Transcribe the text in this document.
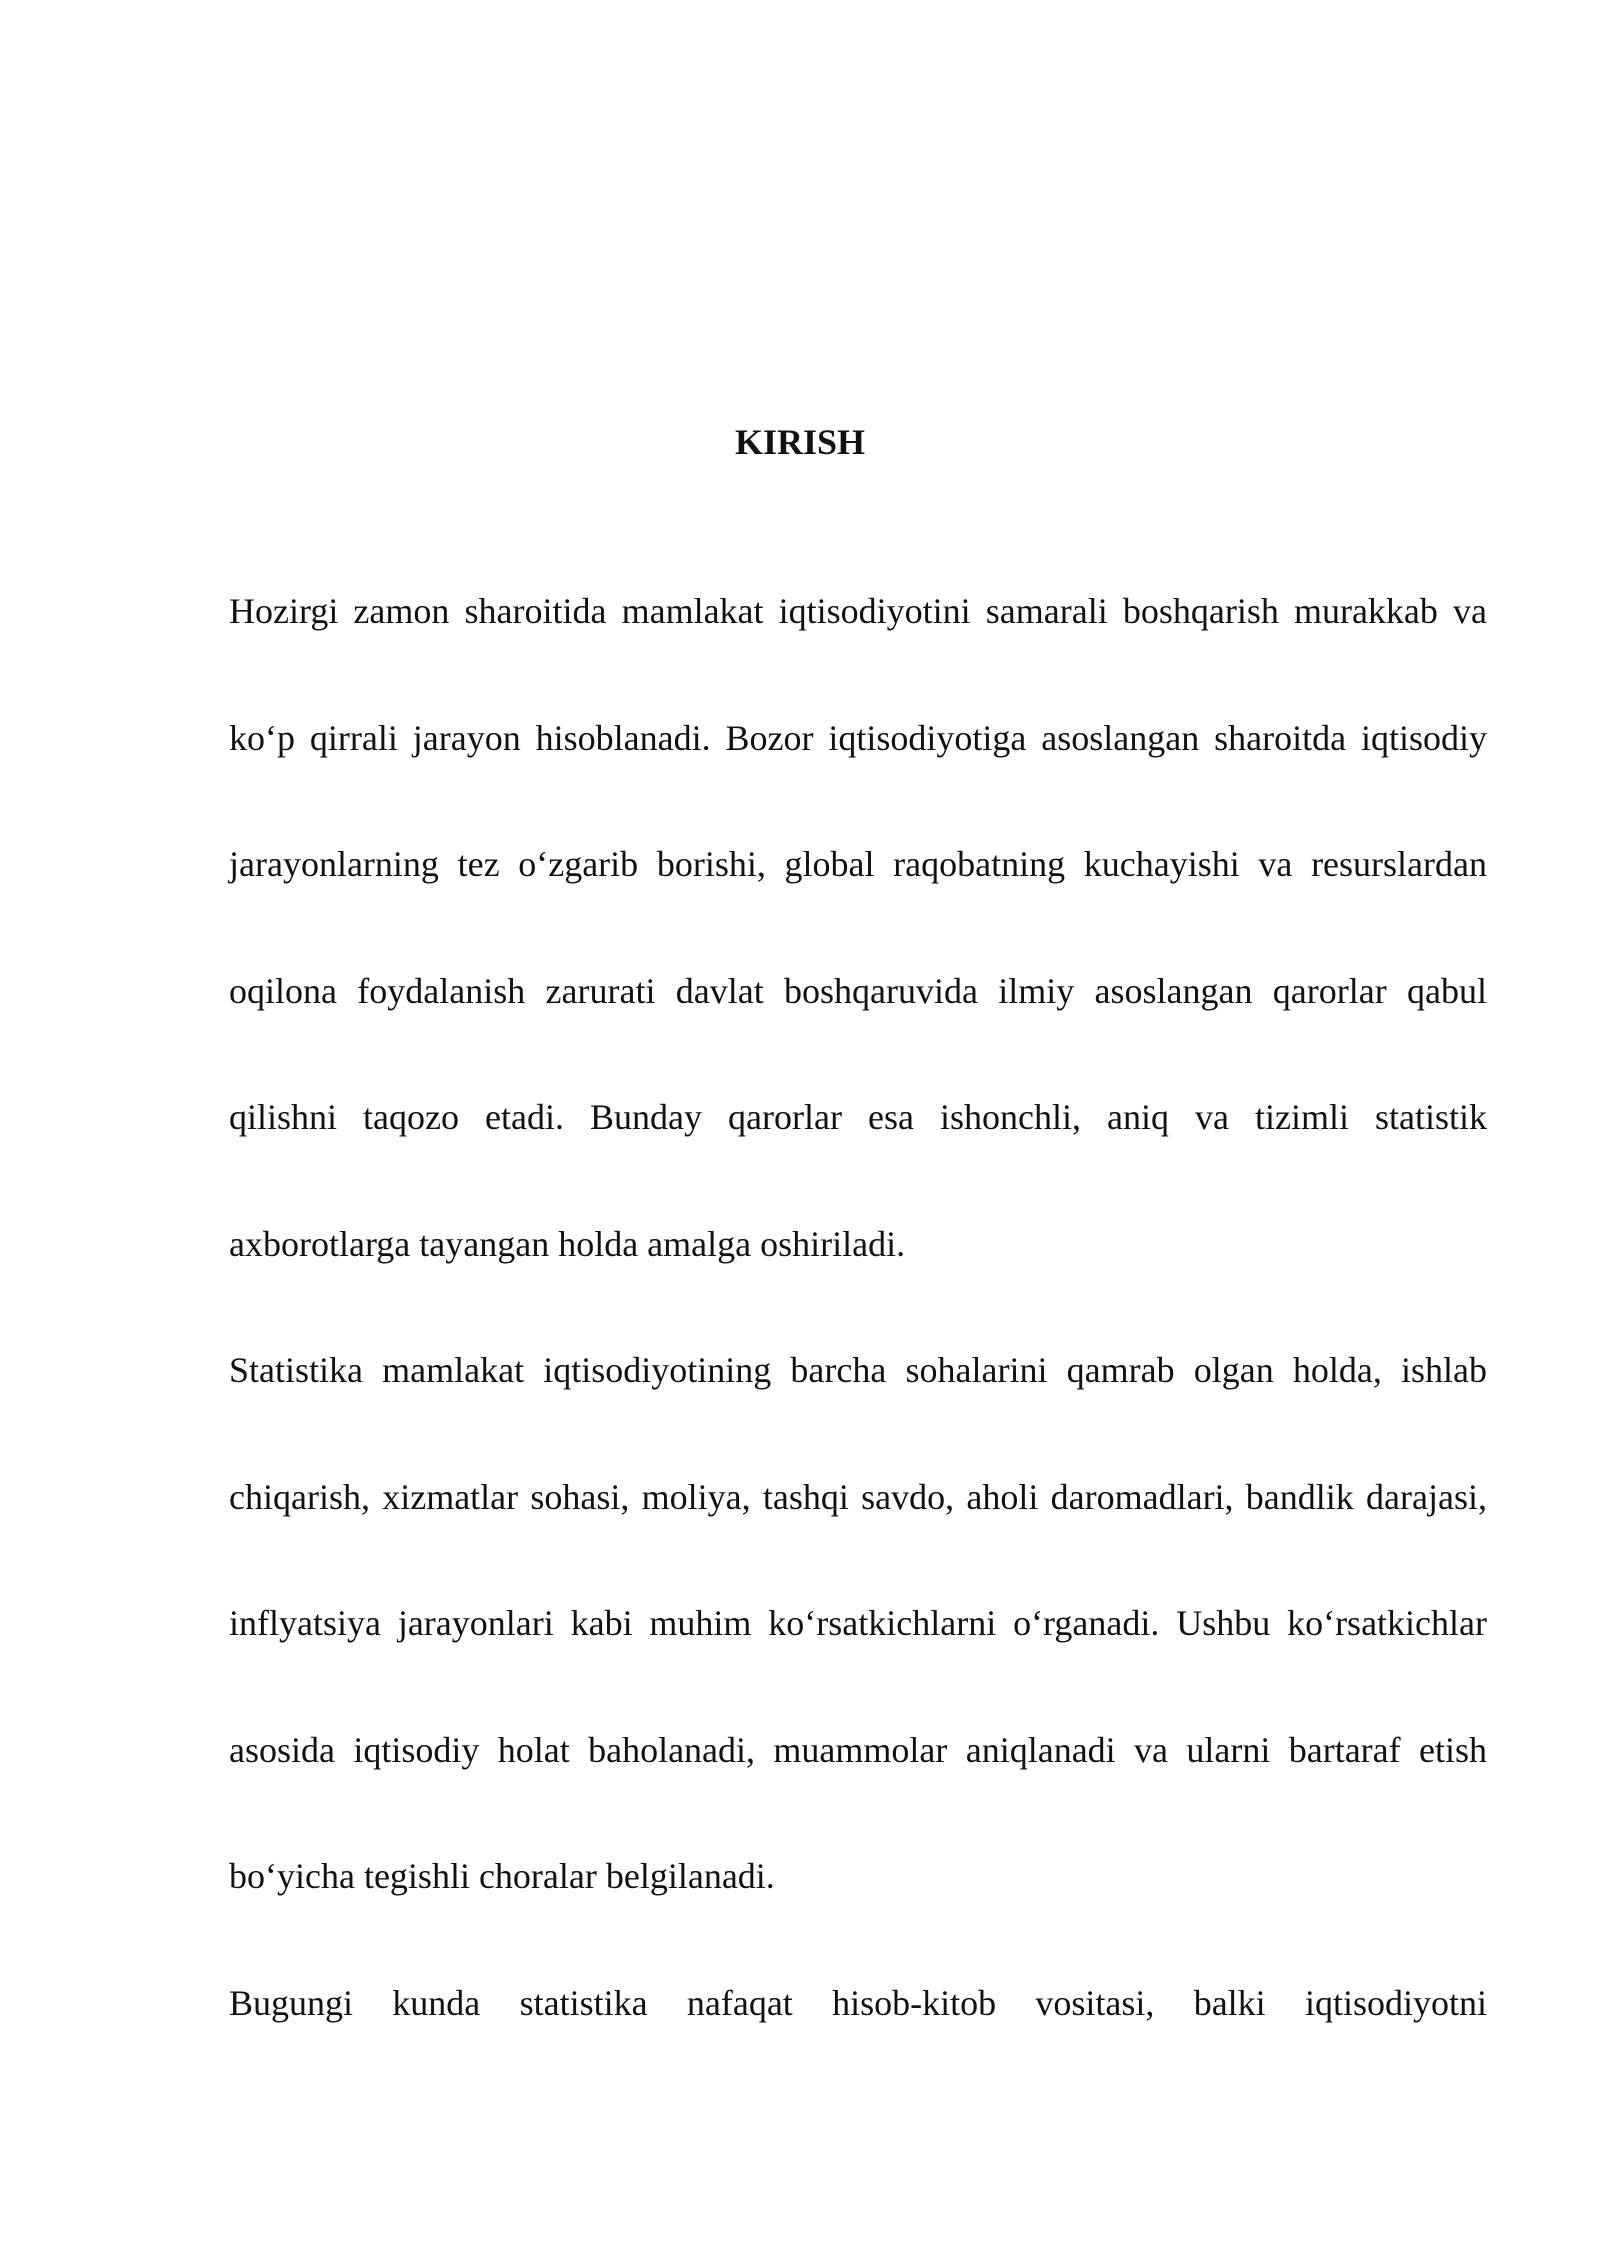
KIRISH

Hozirgi zamon sharoitida mamlakat iqtisodiyotini samarali boshqarish murakkab va ko‘p qirrali jarayon hisoblanadi. Bozor iqtisodiyotiga asoslangan sharoitda iqtisodiy jarayonlarning tez o‘zgarib borishi, global raqobatning kuchayishi va resurslardan oqilona foydalanish zarurati davlat boshqaruvida ilmiy asoslangan qarorlar qabul qilishni taqozo etadi. Bunday qarorlar esa ishonchli, aniq va tizimli statistik axborotlarga tayangan holda amalga oshiriladi.

Statistika mamlakat iqtisodiyotining barcha sohalarini qamrab olgan holda, ishlab chiqarish, xizmatlar sohasi, moliya, tashqi savdo, aholi daromadlari, bandlik darajasi, inflyatsiya jarayonlari kabi muhim ko‘rsatkichlarni o‘rganadi. Ushbu ko‘rsatkichlar asosida iqtisodiy holat baholanadi, muammolar aniqlanadi va ularni bartaraf etish bo‘yicha tegishli choralar belgilanadi.

Bugungi kunda statistika nafaqat hisob-kitob vositasi, balki iqtisodiyotni
